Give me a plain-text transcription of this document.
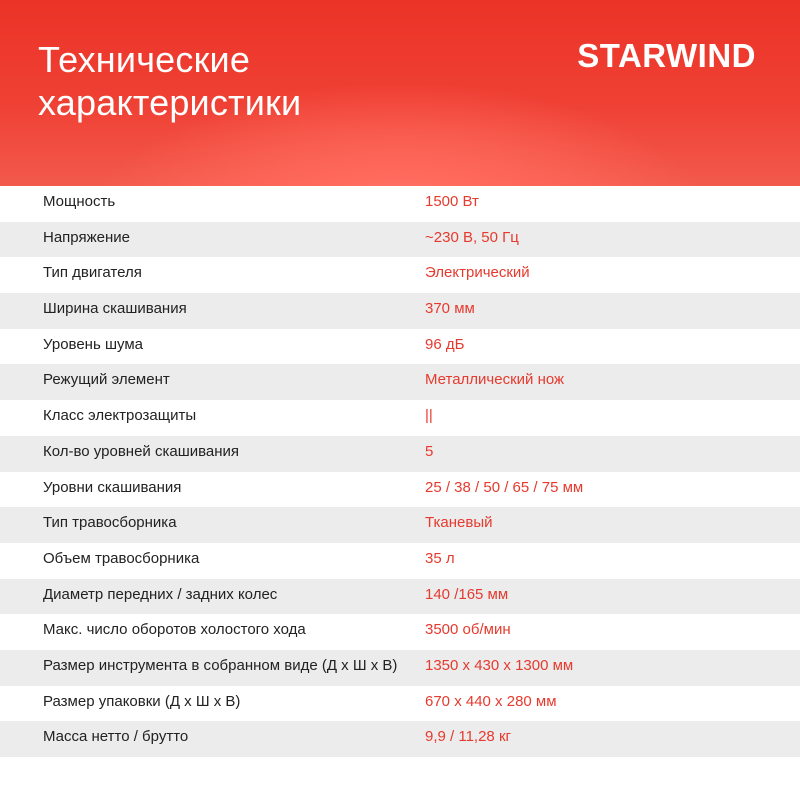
Технические
характеристики
STARWIND
Мощность	1500 Вт
Напряжение	~230 В, 50 Гц
Тип двигателя	Электрический
Ширина скашивания	370 мм
Уровень шума	96 дБ
Режущий элемент	Металлический нож
Класс электрозащиты	||
Кол-во уровней скашивания	5
Уровни скашивания	25 / 38 / 50 / 65 / 75 мм
Тип травосборника	Тканевый
Объем травосборника	35 л
Диаметр передних / задних колес	140 /165 мм
Макс. число оборотов холостого хода	3500 об/мин
Размер инструмента в собранном виде (Д х Ш х В) 1350 х 430 х 1300 мм
Размер упаковки (Д х Ш х В)	670 х 440 х 280 мм
Масса нетто / брутто	9,9 / 11,28 кг
